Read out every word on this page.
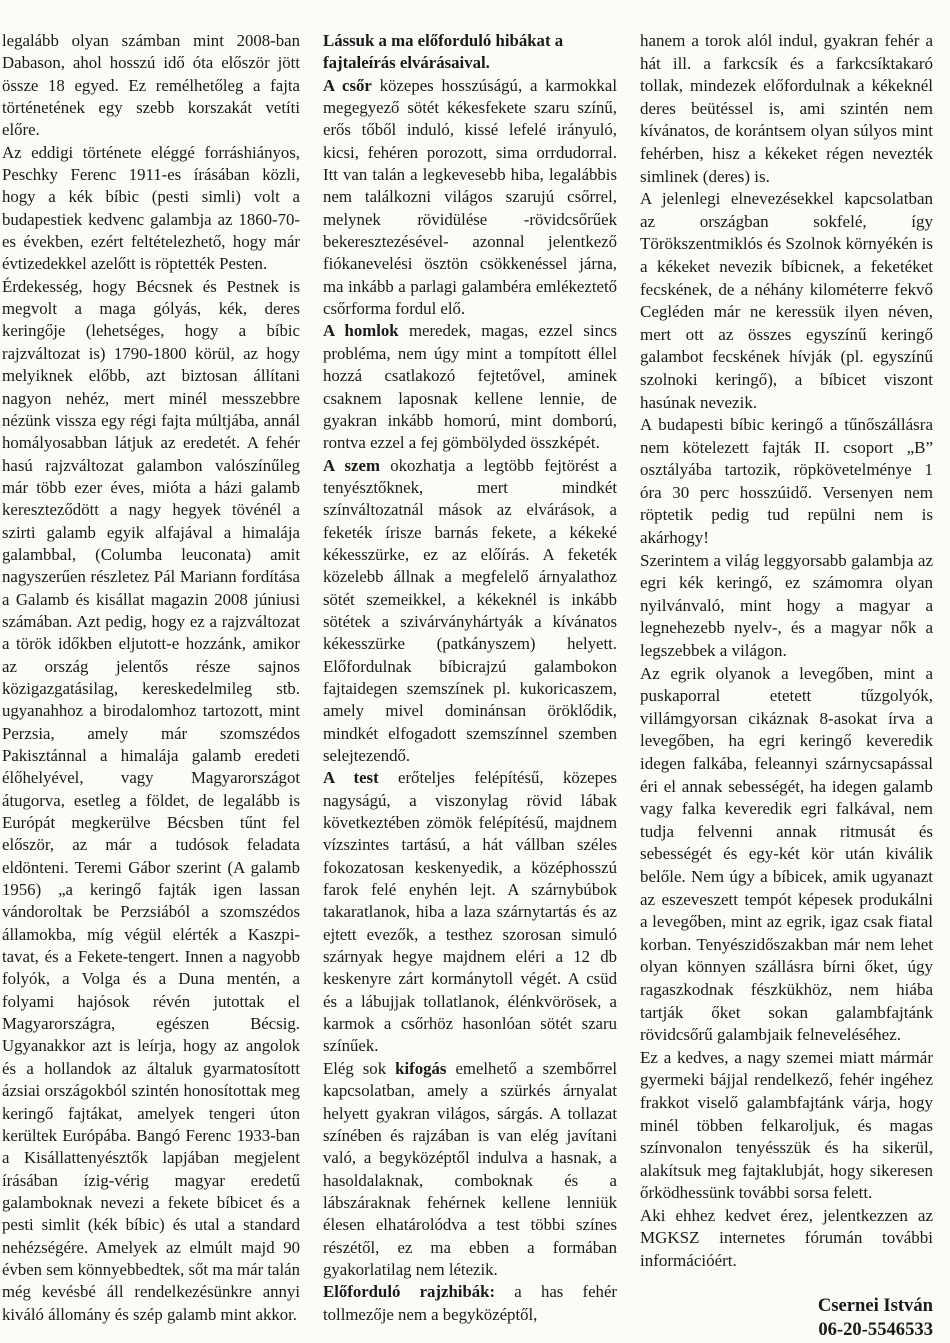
legalább olyan számban mint 2008-ban Dabason, ahol hosszú idő óta először jött össze 18 egyed. Ez remélhetőleg a fajta történetének egy szebb korszakát vetíti előre.

Az eddigi története eléggé forráshiányos, Peschky Ferenc 1911-es írásában közli, hogy a kék bíbic (pesti simli) volt a budapestiek kedvenc galambja az 1860-70-es években, ezért feltételezhető, hogy már évtizedekkel azelőtt is röptették Pesten.

Érdekesség, hogy Bécsnek és Pestnek is megvolt a maga gólyás, kék, deres keringője (lehetséges, hogy a bíbic rajzváltozat is) 1790-1800 körül, az hogy melyiknek előbb, azt biztosan állítani nagyon nehéz, mert minél messzebbre nézünk vissza egy régi fajta múltjába, annál homályosabban látjuk az eredetét. A fehér hasú rajzváltozat galambon valószínűleg már több ezer éves, mióta a házi galamb kereszteződött a nagy hegyek tövénél a szirti galamb egyik alfajával a himalája galambbal, (Columba leuconata) amit nagyszerűen részletez Pál Mariann fordítása a Galamb és kisállat magazin 2008 júniusi számában. Azt pedig, hogy ez a rajzváltozat a török időkben eljutott-e hozzánk, amikor az ország jelentős része sajnos közigazgatásilag, kereskedelmileg stb. ugyanahhoz a birodalomhoz tartozott, mint Perzsia, amely már szomszédos Pakisztánnal a himalája galamb eredeti élőhelyével, vagy Magyarországot átugorva, esetleg a földet, de legalább is Európát megkerülve Bécsben tűnt fel először, az már a tudósok feladata eldönteni. Teremi Gábor szerint (A galamb 1956) „a keringő fajták igen lassan vándoroltak be Perzsiából a szomszédos államokba, míg végül elérték a Kaszpi-tavat, és a Fekete-tengert. Innen a nagyobb folyók, a Volga és a Duna mentén, a folyami hajósok révén jutottak el Magyarországra, egészen Bécsig. Ugyanakkor azt is leírja, hogy az angolok és a hollandok az általuk gyarmatosított ázsiai országokból szintén honosítottak meg keringő fajtákat, amelyek tengeri úton kerültek Európába. Bangó Ferenc 1933-ban a Kisállattenyésztők lapjában megjelent írásában ízig-vérig magyar eredetű galamboknak nevezi a fekete bíbicet és a pesti simlit (kék bíbic) és utal a standard nehézségére. Amelyek az elmúlt majd 90 évben sem könnyebbedtek, sőt ma már talán még kevésbé áll rendelkezésünkre annyi kiváló állomány és szép galamb mint akkor.

Lássuk a ma előforduló hibákat a fajtaleírás elvárásaival.

A csőr közepes hosszúságú, a karmokkal megegyező sötét kékesfekete szaru színű, erős tőből induló, kissé lefelé irányuló, kicsi, fehéren porozott, sima orrdudorral. Itt van talán a legkevesebb hiba, legalábbis nem találkozni világos szarujú csőrrel, melynek rövidülése -rövidcsőrűek bekeresztezésével- azonnal jelentkező fiókanevelési ösztön csökkenéssel járna, ma inkább a parlagi galambéra emlékeztető csőrforma fordul elő.

A homlok meredek, magas, ezzel sincs probléma, nem úgy mint a tompított éllel hozzá csatlakozó fejtetővel, aminek csaknem laposnak kellene lennie, de gyakran inkább homorú, mint domború, rontva ezzel a fej gömbölyded összképét.

A szem okozhatja a legtöbb fejtörést a tenyésztőknek, mert mindkét színváltozatnál mások az elvárások, a feketék íriszе barnás fekete, a kékeké kékesszürke, ez az előírás. A feketék közelebb állnak a megfelelő árnyalathoz sötét szemeikkel, a kékeknél is inkább sötétek a szivárványhártyák a kívánatos kékesszürke (patkányszem) helyett. Előfordulnak bíbicrajzú galambokon fajtaidegen szemszínek pl. kukoricaszem, amely mivel dominánsan öröklődik, mindkét elfogadott szemszínnel szemben selejtezendő.

A test erőteljes felépítésű, közepes nagyságú, a viszonylag rövid lábak következtében zömök felépítésű, majdnem vízszintes tartású, a hát vállban széles fokozatosan keskenyedik, a középhosszú farok felé enyhén lejt. A szárnybúbok takaratlanok, hiba a laza szárnytartás és az ejtett evezők, a testhez szorosan simuló szárnyak hegye majdnem eléri a 12 db keskenyre zárt kormánytoll végét. A csüd és a lábujjak tollatlanok, élénkvörösek, a karmok a csőrhöz hasonlóan sötét szaru színűek.

Elég sok kifogás emelhető a szembőrrel kapcsolatban, amely a szürkés árnyalat helyett gyakran világos, sárgás. A tollazat színében és rajzában is van elég javítani való, a begyközéptől indulva a hasnak, a hasoldalaknak, comboknak és a lábszáraknak fehérnek kellene lenniük élesen elhatárolódva a test többi színes részétől, ez ma ebben a formában gyakorlatilag nem létezik.

Előforduló rajzhibák: a has fehér tollmezője nem a begyközéptől,

hanem a torok alól indul, gyakran fehér a hát ill. a farkcsík és a farkcsíktakaró tollak, mindezek előfordulnak a kékeknél deres beütéssel is, ami szintén nem kívánatos, de korántsem olyan súlyos mint fehérben, hisz a kékeket régen nevezték simlinek (deres) is.

A jelenlegi elnevezésekkel kapcsolatban az országban sokfelé, így Törökszentmiklós és Szolnok környékén is a kékeket nevezik bíbicnek, a feketéket fecskének, de a néhány kilométerre fekvő Cegléden már ne keressük ilyen néven, mert ott az összes egyszínű keringő galambot fecskének hívják (pl. egyszínű szolnoki keringő), a bíbicet viszont hasúnak nevezik.

A budapesti bíbic keringő a tűnőszállásra nem kötelezett fajták II. csoport „B” osztályába tartozik, röpkövetelménye 1 óra 30 perc hosszúidő. Versenyen nem röptetik pedig tud repülni nem is akárhogy!

Szerintem a világ leggyorsabb galambja az egri kék keringő, ez számomra olyan nyilvánvaló, mint hogy a magyar a legnehezebb nyelv-, és a magyar nők a legszebbek a világon.

Az egrik olyanok a levegőben, mint a puskaporral etetett tűzgolyók, villámgyorsan cikáznak 8-asokat írva a levegőben, ha egri keringő keveredik idegen falkába, feleannyi szárnycsapással éri el annak sebességét, ha idegen galamb vagy falka keveredik egri falkával, nem tudja felvenni annak ritmusát és sebességét és egy-két kör után kiválik belőle. Nem úgy a bíbicek, amik ugyanazt az eszeveszett tempót képesek produkálni a levegőben, mint az egrik, igaz csak fiatal korban. Tenyészidőszakban már nem lehet olyan könnyen szállásra bírni őket, úgy ragaszkodnak fészkükhöz, nem hiába tartják őket sokan galambfajtánk rövidcsőrű galambjaik felneveléséhez.

Ez a kedves, a nagy szemei miatt mármár gyermeki bájjal rendelkező, fehér ingéhez frakkot viselő galambfajtánk várja, hogy minél többen felkaroljuk, és magas színvonalon tenyésszük és ha sikerül, alakítsuk meg fajtaklubját, hogy sikeresen őrködhessünk további sorsa felett.

Aki ehhez kedvet érez, jelentkezzen az MGKSZ internetes fórumán további információért.

Csernei István
06-20-5546533
